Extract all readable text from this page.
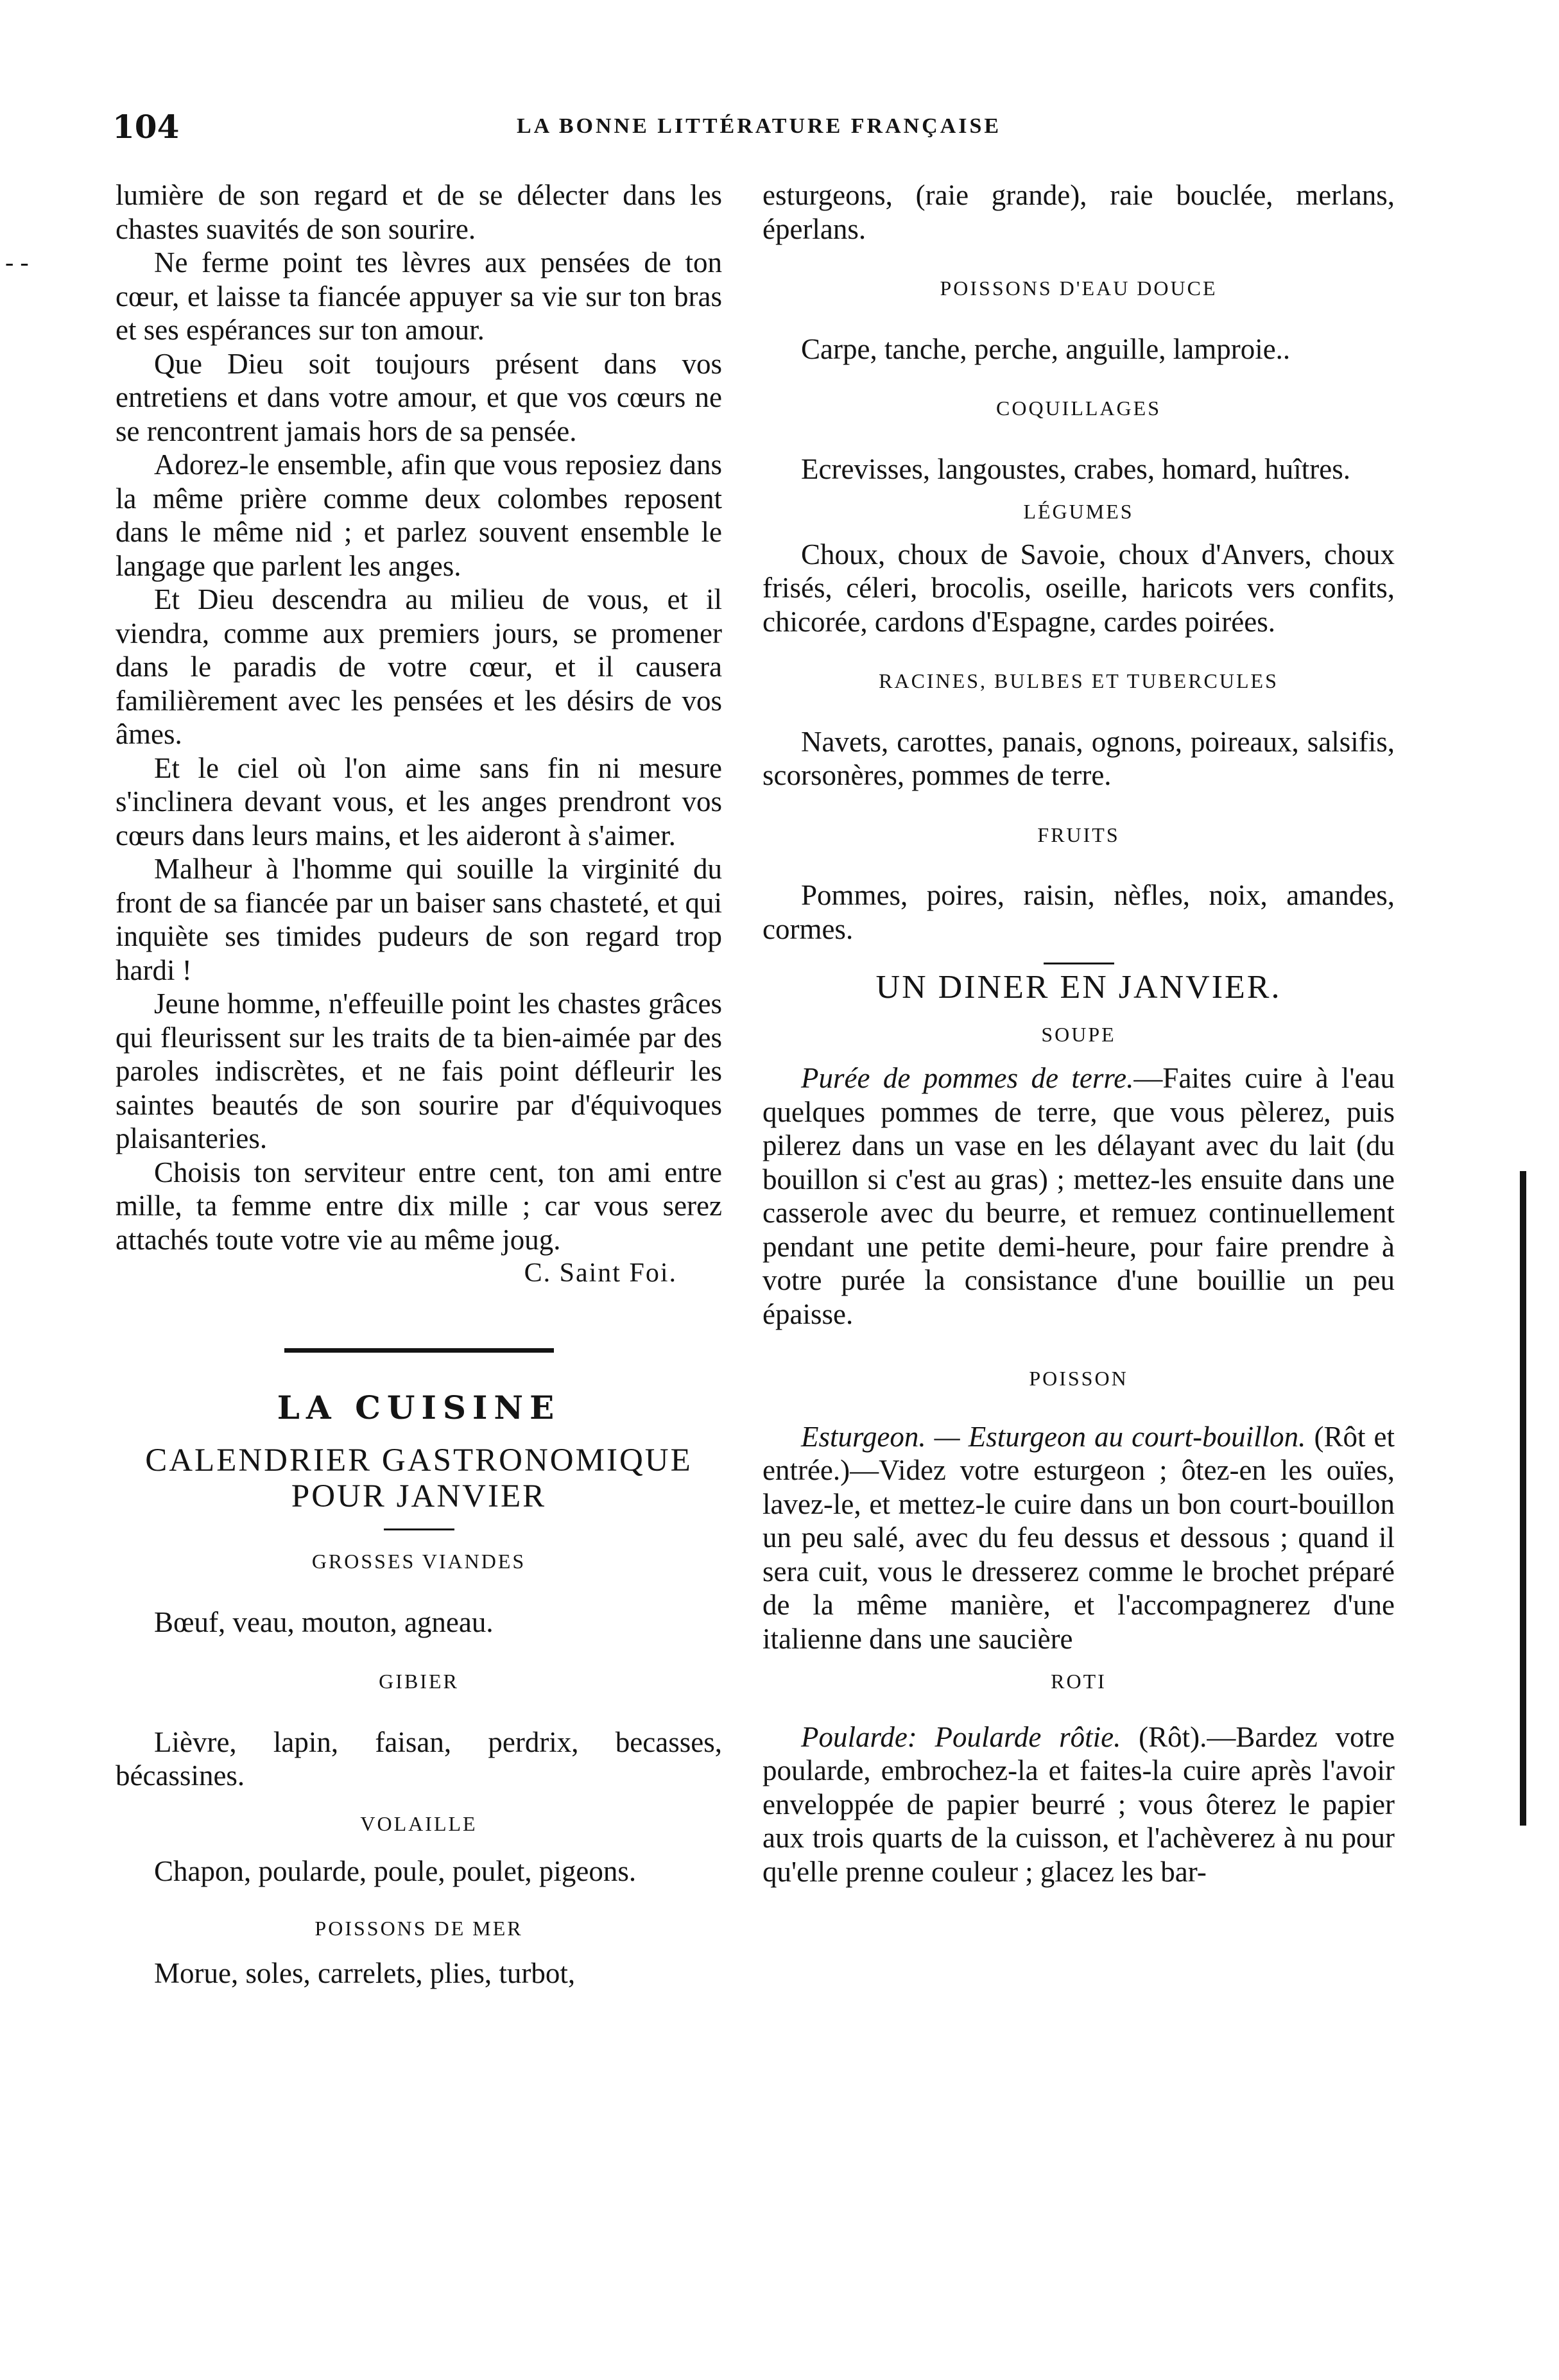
104	LA BONNE LITTÉRATURE FRANÇAISE
- -

lumière de son regard et de se délecter dans les chastes suavités de son sourire.

Ne ferme point tes lèvres aux pensées de ton cœur, et laisse ta fiancée appuyer sa vie sur ton bras et ses espérances sur ton amour.

Que Dieu soit toujours présent dans vos entretiens et dans votre amour, et que vos cœurs ne se rencontrent jamais hors de sa pensée.

Adorez-le ensemble, afin que vous reposiez dans la même prière comme deux colombes reposent dans le même nid ; et parlez souvent ensemble le langage que parlent les anges.

Et Dieu descendra au milieu de vous, et il viendra, comme aux premiers jours, se promener dans le paradis de votre cœur, et il causera familièrement avec les pensées et les désirs de vos âmes.

Et le ciel où l'on aime sans fin ni mesure s'inclinera devant vous, et les anges prendront vos cœurs dans leurs mains, et les aideront à s'aimer.

Malheur à l'homme qui souille la virginité du front de sa fiancée par un baiser sans chasteté, et qui inquiète ses timides pudeurs de son regard trop hardi !

Jeune homme, n'effeuille point les chastes grâces qui fleurissent sur les traits de ta bien-aimée par des paroles indiscrètes, et ne fais point défleurir les saintes beautés de son sourire par d'équivoques plaisanteries.

Choisis ton serviteur entre cent, ton ami entre mille, ta femme entre dix mille ; car vous serez attachés toute votre vie au même joug.

C. Saint Foi.
LA CUISINE
CALENDRIER GASTRONOMIQUE
POUR JANVIER
GROSSES VIANDES

Bœuf, veau, mouton, agneau.

GIBIER

Lièvre, lapin, faisan, perdrix, becasses, bécassines.

VOLAILLE

Chapon, poularde, poule, poulet, pigeons.

POISSONS DE MER

Morue, soles, carrelets, plies, turbot,

esturgeons, (raie grande), raie bouclée, merlans, éperlans.

POISSONS D'EAU DOUCE

Carpe, tanche, perche, anguille, lamproie..

COQUILLAGES

Ecrevisses, langoustes, crabes, homard, huîtres.

LÉGUMES

Choux, choux de Savoie, choux d'Anvers, choux frisés, céleri, brocolis, oseille, haricots vers confits, chicorée, cardons d'Espagne, cardes poirées.

RACINES, BULBES ET TUBERCULES

Navets, carottes, panais, ognons, poireaux, salsifis, scorsonères, pommes de terre.

FRUITS

Pommes, poires, raisin, nèfles, noix, amandes, cormes.

UN DINER EN JANVIER.
SOUPE

Purée de pommes de terre.—Faites cuire à l'eau quelques pommes de terre, que vous pèlerez, puis pilerez dans un vase en les délayant avec du lait (du bouillon si c'est au gras) ; mettez-les ensuite dans une casserole avec du beurre, et remuez continuellement pendant une petite demi-heure, pour faire prendre à votre purée la consistance d'une bouillie un peu épaisse.

POISSON

Esturgeon. — Esturgeon au court-bouillon. (Rôt et entrée.)—Videz votre esturgeon ; ôtez-en les ouïes, lavez-le, et mettez-le cuire dans un bon court-bouillon un peu salé, avec du feu dessus et dessous ; quand il sera cuit, vous le dresserez comme le brochet préparé de la même manière, et l'accompagnerez d'une italienne dans une saucière

ROTI

Poularde: Poularde rôtie. (Rôt).—Bardez votre poularde, embrochez-la et faites-la cuire après l'avoir enveloppée de papier beurré ; vous ôterez le papier aux trois quarts de la cuisson, et l'achèverez à nu pour qu'elle prenne couleur ; glacez les bar-
